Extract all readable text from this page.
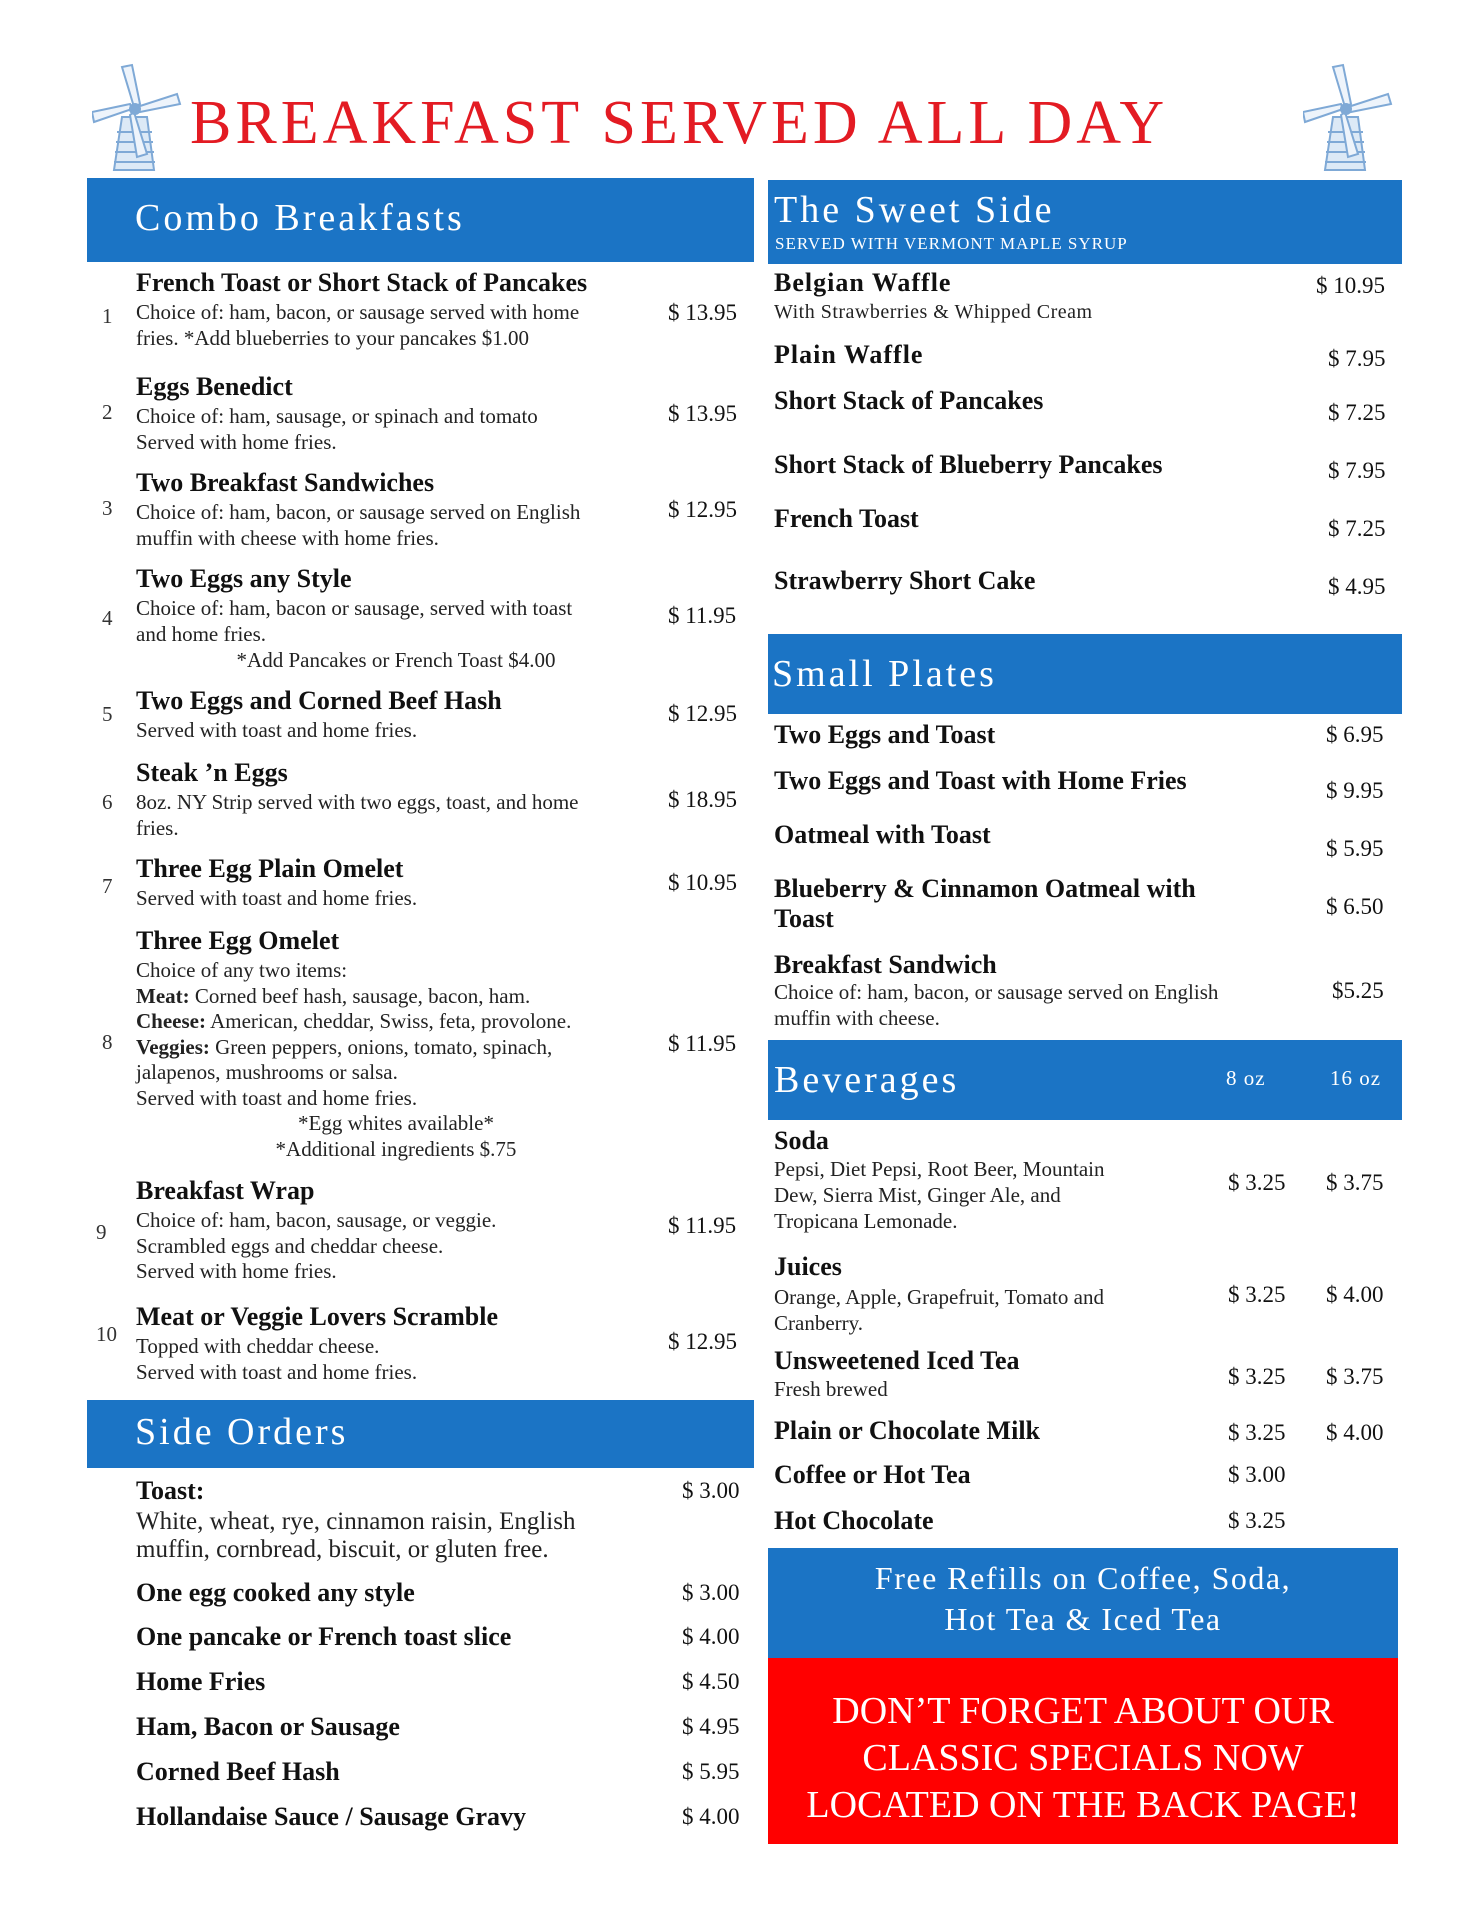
BREAKFAST SERVED ALL DAY
Combo Breakfasts
1
French Toast or Short Stack of Pancakes
Choice of: ham, bacon, or sausage served with home
fries. *Add blueberries to your pancakes $1.00
$ 13.95
2
Eggs Benedict
Choice of: ham, sausage, or spinach and tomato
Served with home fries.
$ 13.95
3
Two Breakfast Sandwiches
Choice of: ham, bacon, or sausage served on English
muffin with cheese with home fries.
$ 12.95
4
Two Eggs any Style
Choice of: ham, bacon or sausage, served with toast
and home fries.
*Add Pancakes or French Toast $4.00
$ 11.95
5 Two Eggs and Corned Beef Hash
Served with toast and home fries.
$ 12.95
6
Steak ’n Eggs
8oz. NY Strip served with two eggs, toast, and home
fries.
$ 18.95
7
Three Egg Plain Omelet
Served with toast and home fries.
$ 10.95
8
Three Egg Omelet
Choice of any two items:
Meat: Corned beef hash, sausage, bacon, ham.
Cheese: American, cheddar, Swiss, feta, provolone.
Veggies: Green peppers, onions, tomato, spinach,
jalapenos, mushrooms or salsa.
Served with toast and home fries.
*Egg whites available*
*Additional ingredients $.75
$ 11.95
9
Breakfast Wrap
Choice of: ham, bacon, sausage, or veggie.
Scrambled eggs and cheddar cheese.
Served with home fries.
$ 11.95
10
Meat or Veggie Lovers Scramble
Topped with cheddar cheese.
Served with toast and home fries.
$ 12.95
Side Orders
Toast:
White, wheat, rye, cinnamon raisin, English
muffin, cornbread, biscuit, or gluten free.
$ 3.00
One egg cooked any style	$ 3.00
One pancake or French toast slice	$ 4.00
Home Fries	$ 4.50
Ham, Bacon or Sausage	$ 4.95
Corned Beef Hash	$ 5.95
Hollandaise Sauce / Sausage Gravy	$ 4.00
The Sweet Side
SERVED WITH VERMONT MAPLE SYRUP
Belgian Waffle
With Strawberries & Whipped Cream
$ 10.95
Plain Waffle	$ 7.95
Short Stack of Pancakes	$ 7.25
Short Stack of Blueberry Pancakes	$ 7.95
French Toast	$ 7.25
Strawberry Short Cake	$ 4.95
Small Plates
Two Eggs and Toast	$ 6.95
Two Eggs and Toast with Home Fries	$ 9.95
Oatmeal with Toast	$ 5.95
Blueberry & Cinnamon Oatmeal with
Toast	$ 6.50
Breakfast Sandwich
Choice of: ham, bacon, or sausage served on English
muffin with cheese.
$5.25
Beverages	8 oz	16 oz
Soda
Pepsi, Diet Pepsi, Root Beer, Mountain
Dew, Sierra Mist, Ginger Ale, and
Tropicana Lemonade.
$ 3.25 $ 3.75
Juices
Orange, Apple, Grapefruit, Tomato and
Cranberry.
$ 3.25 $ 4.00
Unsweetened Iced Tea
Fresh brewed	$ 3.25 $ 3.75
Plain or Chocolate Milk	$ 3.25 $ 4.00
Coffee or Hot Tea	$ 3.00
Hot Chocolate	$ 3.25
Free Refills on Coffee, Soda,
Hot Tea & Iced Tea
DON’T FORGET ABOUT OUR
CLASSIC SPECIALS NOW
LOCATED ON THE BACK PAGE!
